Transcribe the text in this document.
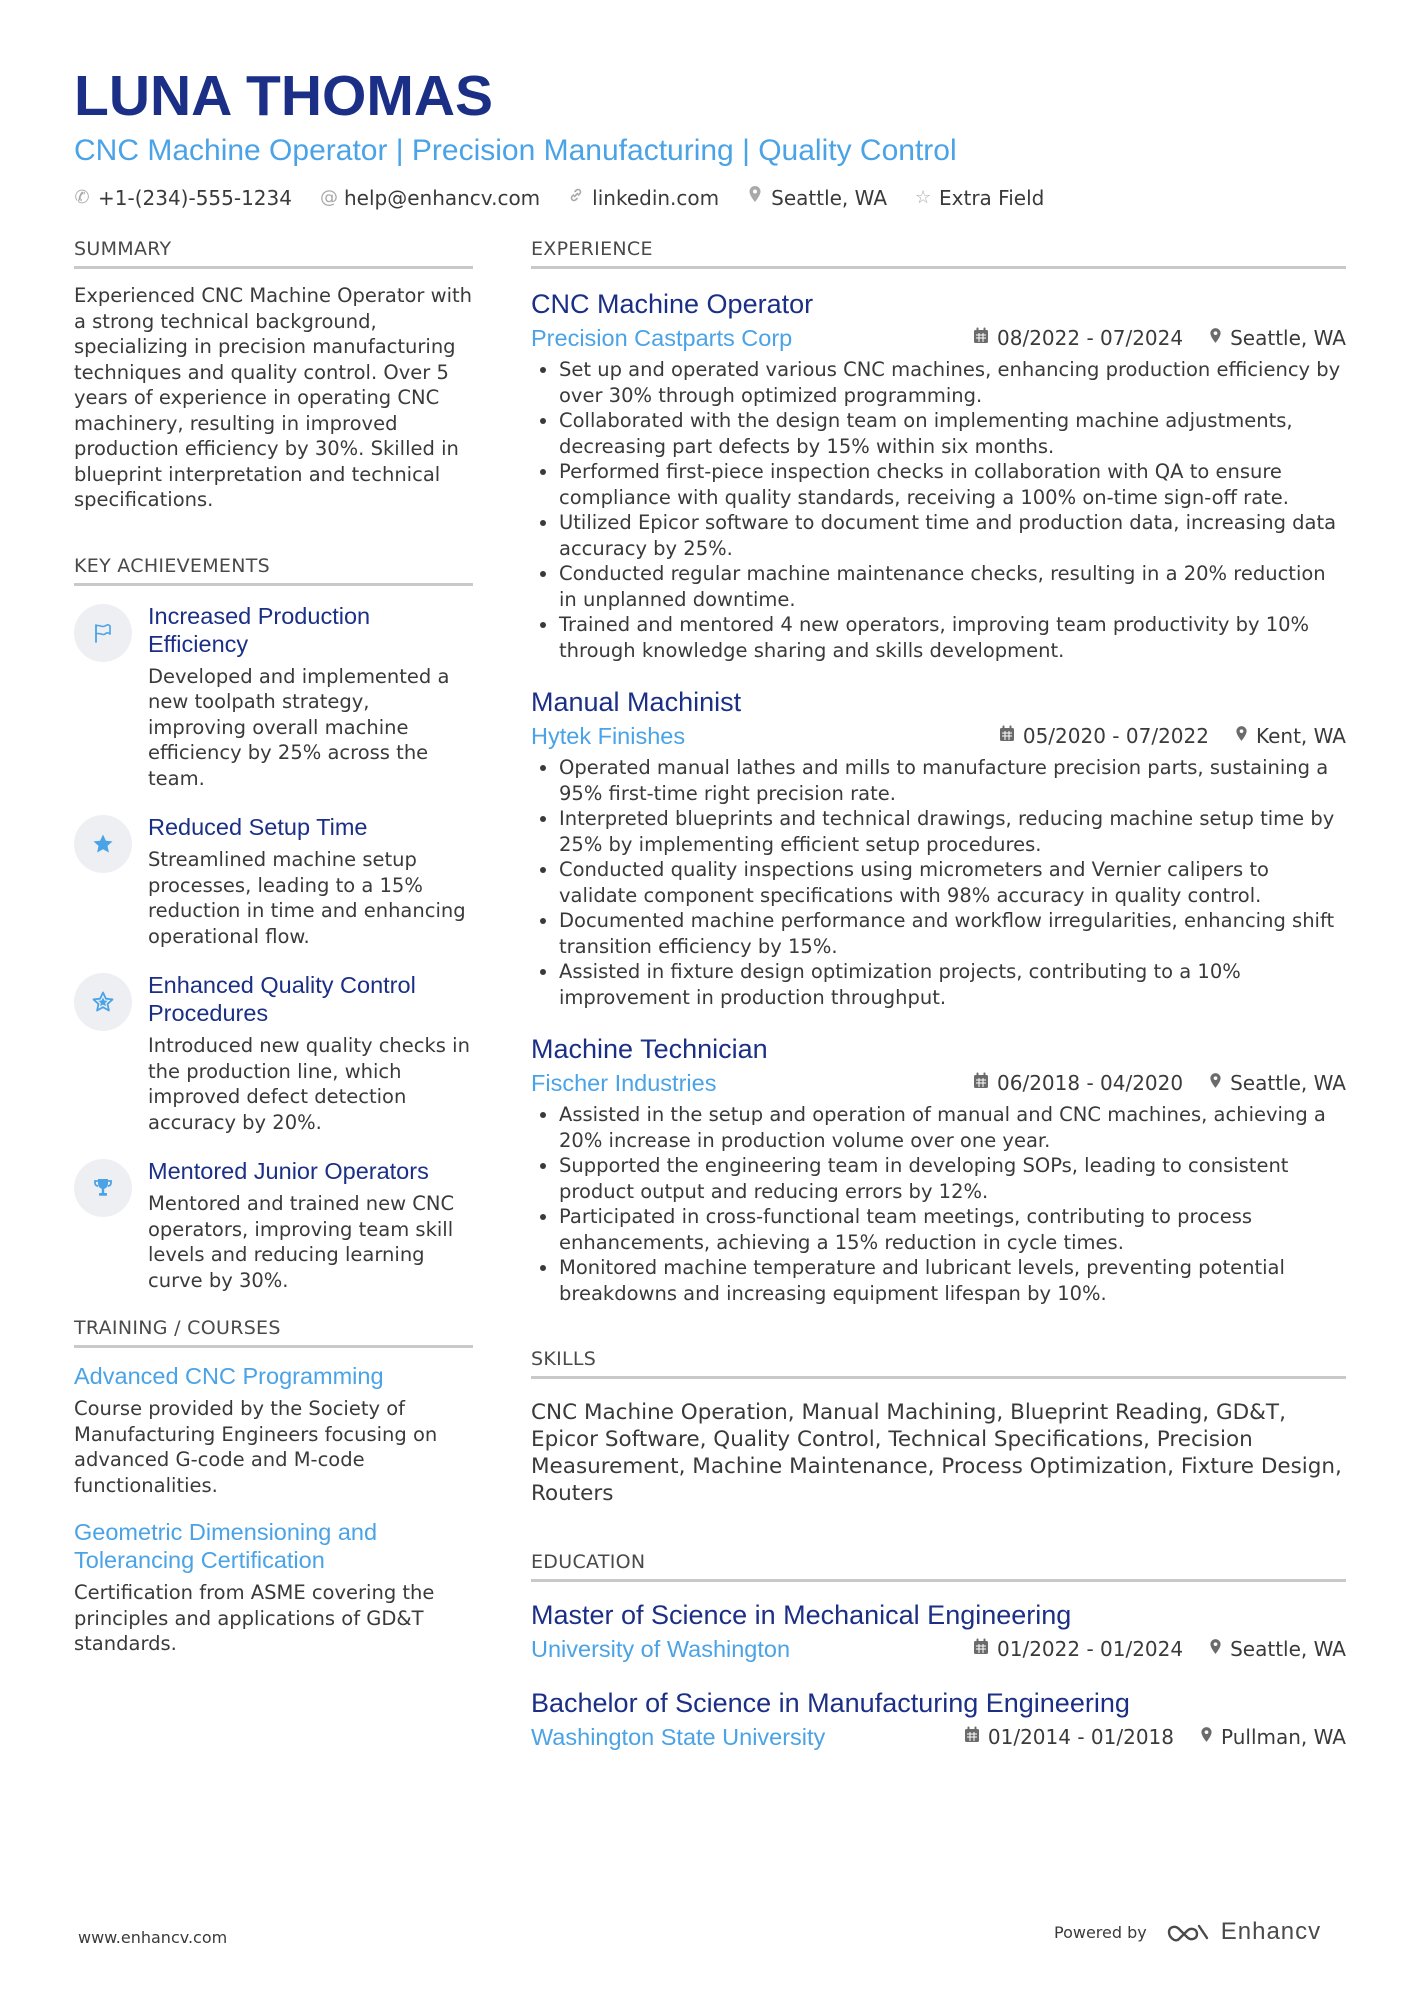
LUNA THOMAS
CNC Machine Operator | Precision Manufacturing | Quality Control
✆ +1-(234)-555-1234 @ help@enhancv.com	linkedin.com	Seattle, WA ☆ Extra Field
SUMMARY
Experienced CNC Machine Operator with a strong technical background, specializing in precision manufacturing techniques and quality control. Over 5 years of experience in operating CNC machinery, resulting in improved production efficiency by 30%. Skilled in blueprint interpretation and technical specifications.
KEY ACHIEVEMENTS
Increased Production Efficiency
Developed and implemented a new toolpath strategy, improving overall machine efficiency by 25% across the team.
Reduced Setup Time
Streamlined machine setup processes, leading to a 15% reduction in time and enhancing operational flow.
Enhanced Quality Control Procedures
Introduced new quality checks in the production line, which improved defect detection accuracy by 20%.
Mentored Junior Operators
Mentored and trained new CNC operators, improving team skill levels and reducing learning curve by 30%.
TRAINING / COURSES
Advanced CNC Programming
Course provided by the Society of Manufacturing Engineers focusing on advanced G-code and M-code functionalities.
Geometric Dimensioning and Tolerancing Certification
Certification from ASME covering the principles and applications of GD&T standards.
EXPERIENCE
CNC Machine Operator
Precision Castparts Corp	08/2022 - 07/2024 Seattle, WA
• Set up and operated various CNC machines, enhancing production efficiency by over 30% through optimized programming.
• Collaborated with the design team on implementing machine adjustments, decreasing part defects by 15% within six months.
• Performed first-piece inspection checks in collaboration with QA to ensure compliance with quality standards, receiving a 100% on-time sign-off rate.
• Utilized Epicor software to document time and production data, increasing data accuracy by 25%.
• Conducted regular machine maintenance checks, resulting in a 20% reduction in unplanned downtime.
• Trained and mentored 4 new operators, improving team productivity by 10% through knowledge sharing and skills development.
Manual Machinist
Hytek Finishes	05/2020 - 07/2022 Kent, WA
• Operated manual lathes and mills to manufacture precision parts, sustaining a 95% first-time right precision rate.
• Interpreted blueprints and technical drawings, reducing machine setup time by 25% by implementing efficient setup procedures.
• Conducted quality inspections using micrometers and Vernier calipers to validate component specifications with 98% accuracy in quality control.
• Documented machine performance and workflow irregularities, enhancing shift transition efficiency by 15%.
• Assisted in fixture design optimization projects, contributing to a 10% improvement in production throughput.
Machine Technician
Fischer Industries	06/2018 - 04/2020 Seattle, WA
• Assisted in the setup and operation of manual and CNC machines, achieving a 20% increase in production volume over one year.
• Supported the engineering team in developing SOPs, leading to consistent product output and reducing errors by 12%.
• Participated in cross-functional team meetings, contributing to process enhancements, achieving a 15% reduction in cycle times.
• Monitored machine temperature and lubricant levels, preventing potential breakdowns and increasing equipment lifespan by 10%.
SKILLS
CNC Machine Operation, Manual Machining, Blueprint Reading, GD&T, Epicor Software, Quality Control, Technical Specifications, Precision Measurement, Machine Maintenance, Process Optimization, Fixture Design, Routers
EDUCATION
Master of Science in Mechanical Engineering
University of Washington	01/2022 - 01/2024 Seattle, WA
Bachelor of Science in Manufacturing Engineering
Washington State University	01/2014 - 01/2018 Pullman, WA
www.enhancv.com	Powered by	Enhancv
